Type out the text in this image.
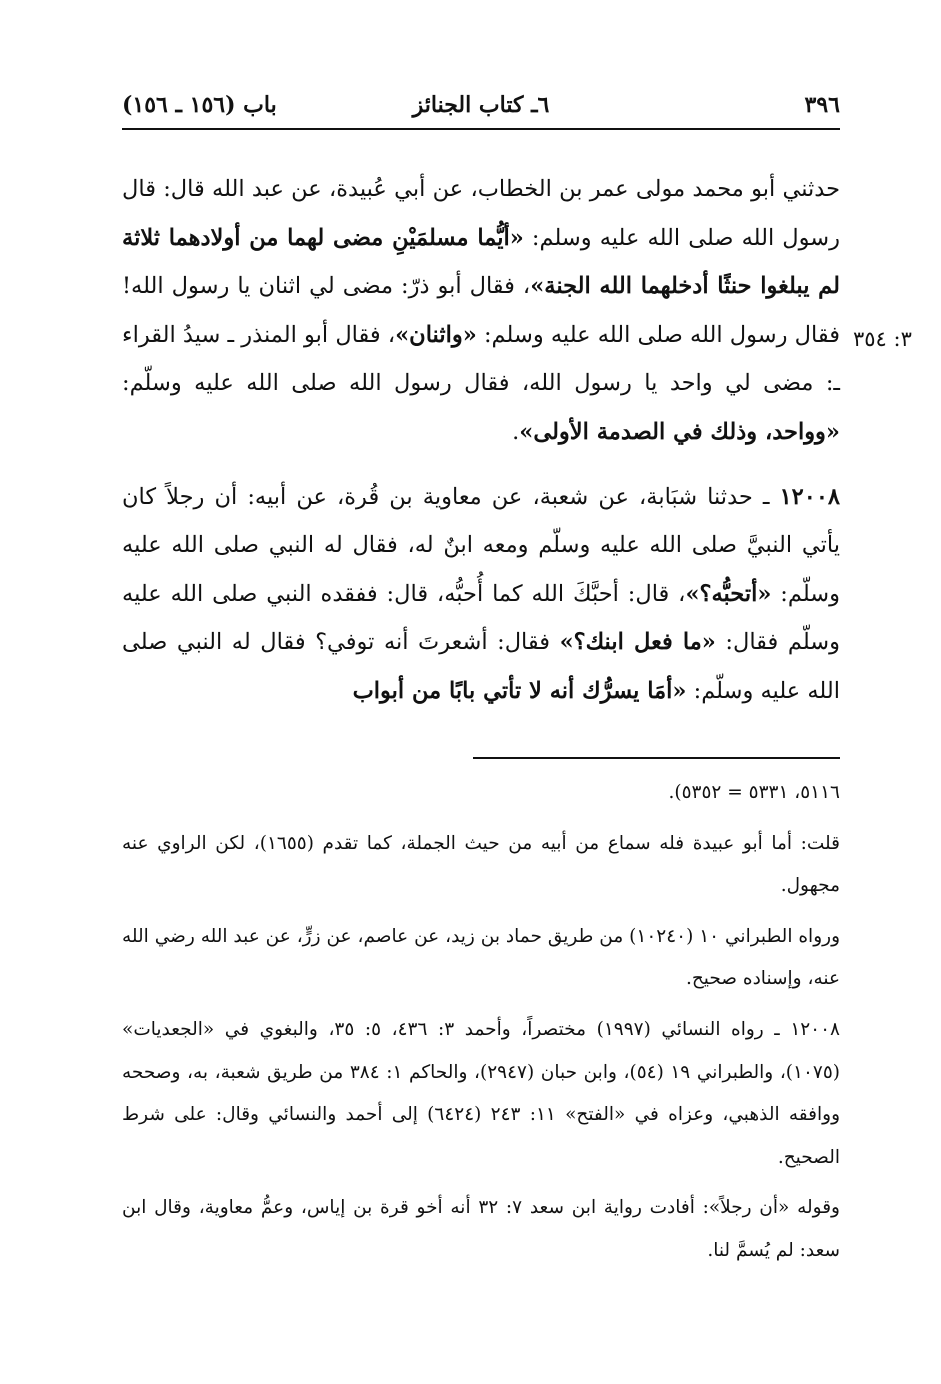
٣٩٦
٦ـ كتاب الجنائز
باب (١٥٦ ـ ١٥٦)
٣: ٣٥٤

حدثني أبو محمد مولى عمر بن الخطاب، عن أبي عُبيدة، عن عبد الله قال: قال رسول الله صلى الله عليه وسلم: «أيُّما مسلمَيْنِ مضى لهما من أولادهما ثلاثة لم يبلغوا حنثًا أدخلهما الله الجنة»، فقال أبو ذرّ: مضى لي اثنان يا رسول الله! فقال رسول الله صلى الله عليه وسلم: «واثنان»، فقال أبو المنذر ـ سيدُ القراء ـ: مضى لي واحد يا رسول الله، فقال رسول الله صلى الله عليه وسلّم: «وواحد، وذلك في الصدمة الأولى».

١٢٠٠٨ ـ حدثنا شبَابة، عن شعبة، عن معاوية بن قُرة، عن أبيه: أن رجلاً كان يأتي النبيَّ صلى الله عليه وسلّم ومعه ابنٌ له، فقال له النبي صلى الله عليه وسلّم: «أتحبُّه؟»، قال: أحبَّكَ الله كما أُحبُّه، قال: ففقده النبي صلى الله عليه وسلّم فقال: «ما فعل ابنك؟» فقال: أشعرتَ أنه توفي؟ فقال له النبي صلى الله عليه وسلّم: «أمَا يسرُّك أنه لا تأتي بابًا من أبواب

٥١١٦، ٥٣٣١ = ٥٣٥٢).

قلت: أما أبو عبيدة فله سماع من أبيه من حيث الجملة، كما تقدم (١٦٥٥)، لكن الراوي عنه مجهول.

ورواه الطبراني ١٠ (١٠٢٤٠) من طريق حماد بن زيد، عن عاصم، عن زرٍّ، عن عبد الله رضي الله عنه، وإسناده صحيح.

١٢٠٠٨ ـ رواه النسائي (١٩٩٧) مختصراً، وأحمد ٣: ٤٣٦، ٥: ٣٥، والبغوي في «الجعديات» (١٠٧٥)، والطبراني ١٩ (٥٤)، وابن حبان (٢٩٤٧)، والحاكم ١: ٣٨٤ من طريق شعبة، به، وصححه ووافقه الذهبي، وعزاه في «الفتح» ١١: ٢٤٣ (٦٤٢٤) إلى أحمد والنسائي وقال: على شرط الصحيح.

وقوله «أن رجلاً»: أفادت رواية ابن سعد ٧: ٣٢ أنه أخو قرة بن إياس، وعمُّ معاوية، وقال ابن سعد: لم يُسمَّ لنا.
